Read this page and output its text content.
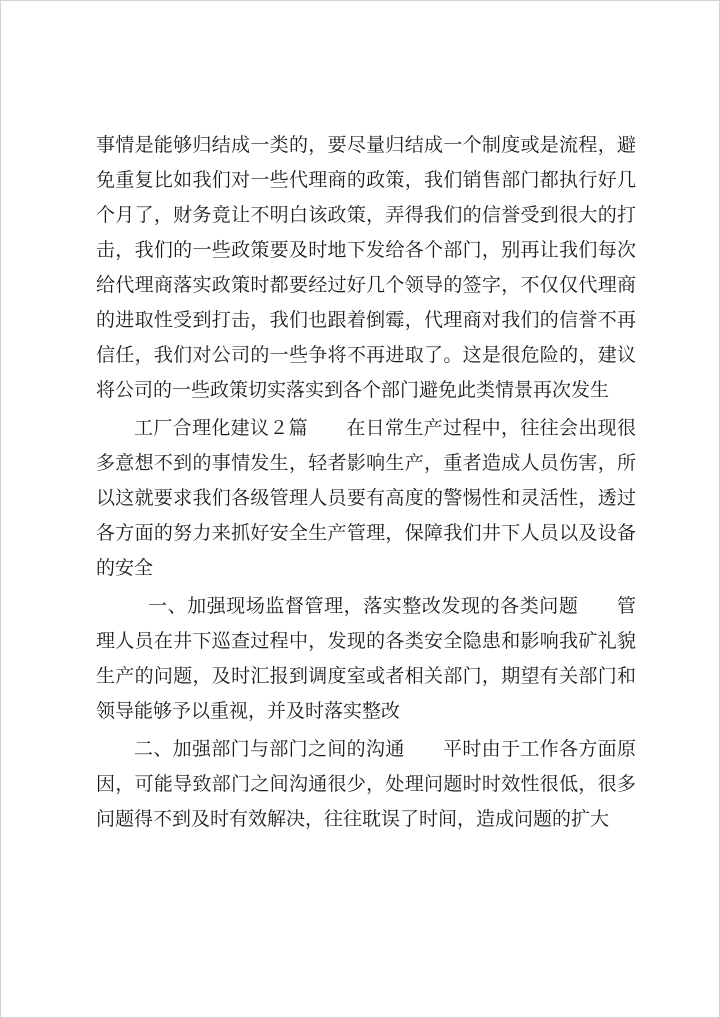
事情是能够归结成一类的，要尽量归结成一个制度或是流程，避免重复比如我们对一些代理商的政策，我们销售部门都执行好几个月了，财务竟让不明白该政策，弄得我们的信誉受到很大的打击，我们的一些政策要及时地下发给各个部门，别再让我们每次给代理商落实政策时都要经过好几个领导的签字，不仅仅代理商的进取性受到打击，我们也跟着倒霉，代理商对我们的信誉不再信任，我们对公司的一些争将不再进取了。这是很危险的，建议将公司的一些政策切实落实到各个部门避免此类情景再次发生

工厂合理化建议２篇 在日常生产过程中，往往会出现很多意想不到的事情发生，轻者影响生产，重者造成人员伤害，所以这就要求我们各级管理人员要有高度的警惕性和灵活性，透过各方面的努力来抓好安全生产管理，保障我们井下人员以及设备的安全

一、加强现场监督管理，落实整改发现的各类问题 管理人员在井下巡查过程中，发现的各类安全隐患和影响我矿礼貌生产的问题，及时汇报到调度室或者相关部门，期望有关部门和领导能够予以重视，并及时落实整改

二、加强部门与部门之间的沟通 平时由于工作各方面原因，可能导致部门之间沟通很少，处理问题时时效性很低，很多问题得不到及时有效解决，往往耽误了时间，造成问题的扩大
